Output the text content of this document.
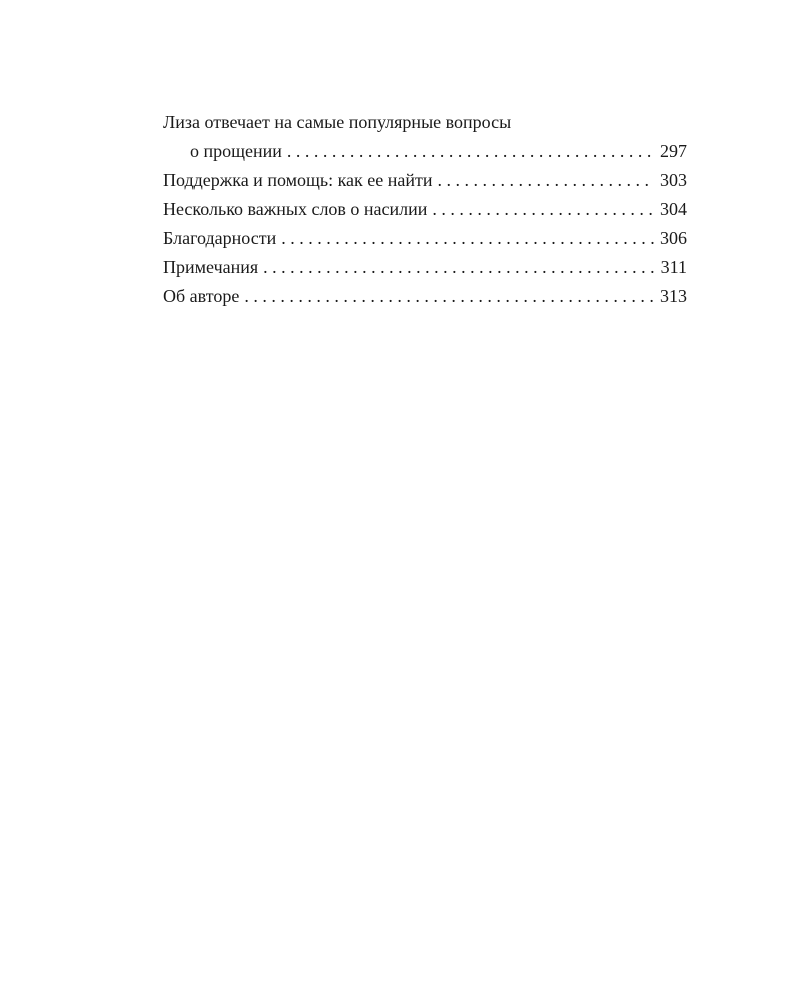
Лиза отвечает на самые популярные вопросы
о прощении . . .	297
Поддержка и помощь: как ее найти . . .	303
Несколько важных слов о насилии . . .	304
Благодарности . . .	306
Примечания . . .	311
Об авторе . . .	313
